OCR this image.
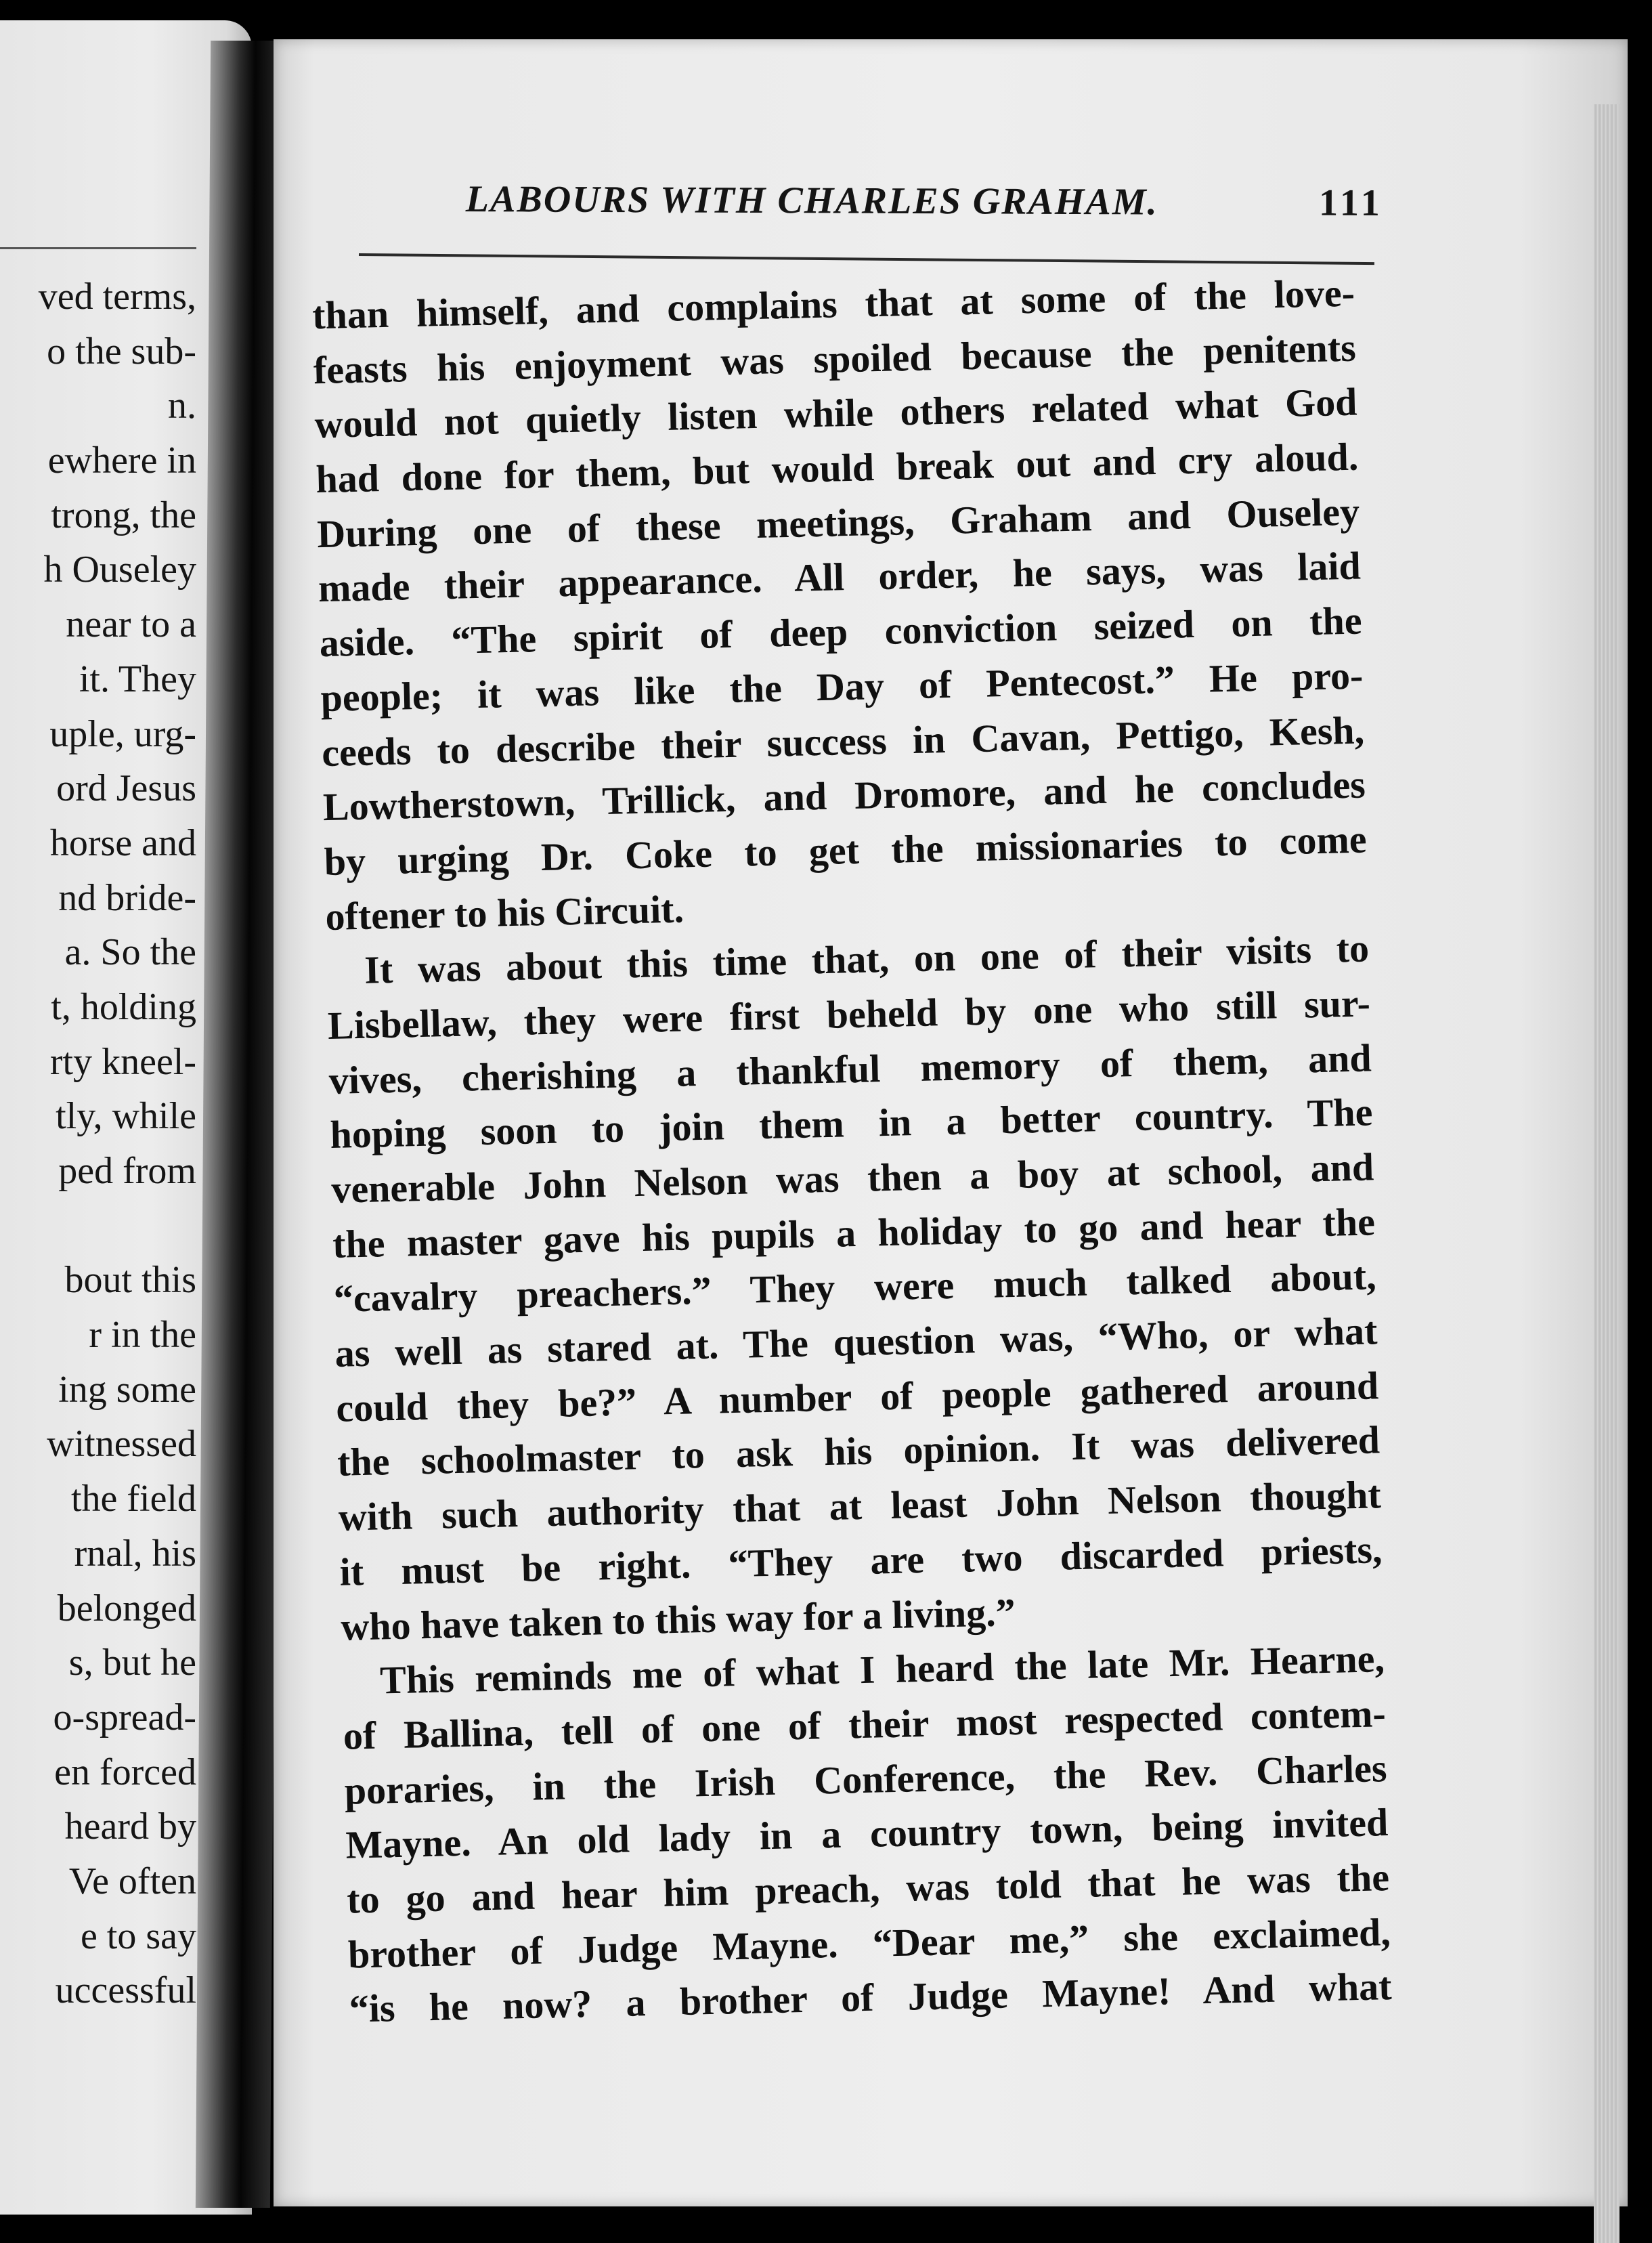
ved terms,
o the sub-
n.
ewhere in
trong, the
h Ouseley
near to a
it. They
uple, urg-
ord Jesus
horse and
nd bride-
a. So the
t, holding
rty kneel-
tly, while
ped from
bout this
r in the
ing some
witnessed
the field
rnal, his
belonged
s, but he
o-spread-
en forced
heard by
Ve often
e to say
uccessful
LABOURS WITH CHARLES GRAHAM.	111
than himself, and complains that at some of the love-
feasts his enjoyment was spoiled because the penitents
would not quietly listen while others related what God
had done for them, but would break out and cry aloud.
During one of these meetings, Graham and Ouseley
made their appearance. All order, he says, was laid
aside. “The spirit of deep conviction seized on the
people; it was like the Day of Pentecost.” He pro-
ceeds to describe their success in Cavan, Pettigo, Kesh,
Lowtherstown, Trillick, and Dromore, and he concludes
by urging Dr. Coke to get the missionaries to come
oftener to his Circuit.
It was about this time that, on one of their visits to
Lisbellaw, they were first beheld by one who still sur-
vives, cherishing a thankful memory of them, and
hoping soon to join them in a better country. The
venerable John Nelson was then a boy at school, and
the master gave his pupils a holiday to go and hear the
“cavalry preachers.” They were much talked about,
as well as stared at. The question was, “Who, or what
could they be?” A number of people gathered around
the schoolmaster to ask his opinion. It was delivered
with such authority that at least John Nelson thought
it must be right. “They are two discarded priests,
who have taken to this way for a living.”
This reminds me of what I heard the late Mr. Hearne,
of Ballina, tell of one of their most respected contem-
poraries, in the Irish Conference, the Rev. Charles
Mayne. An old lady in a country town, being invited
to go and hear him preach, was told that he was the
brother of Judge Mayne. “Dear me,” she exclaimed,
“is he now? a brother of Judge Mayne! And what
